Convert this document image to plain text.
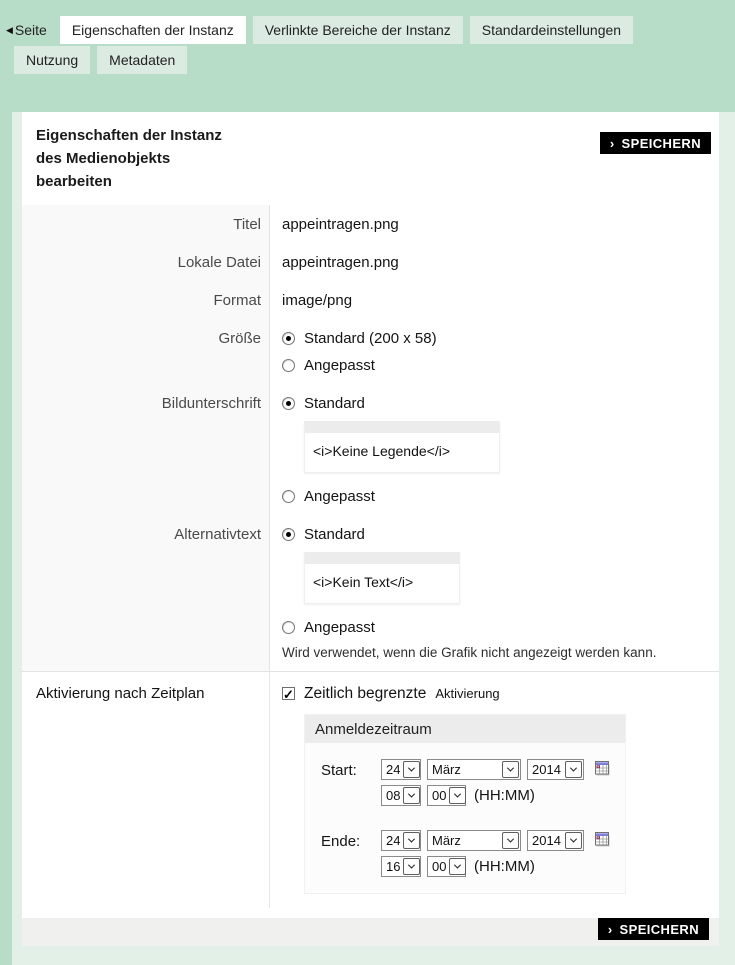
◀ Seite Eigenschaften der Instanz Verlinkte Bereiche der Instanz Standardeinstellungen
Nutzung Metadaten
Eigenschaften der Instanz des Medienobjekts bearbeiten
› SPEICHERN
Titel	appeintragen.png
Lokale Datei	appeintragen.png
Format	image/png
Größe	Standard (200 x 58)
Angepasst
Bildunterschrift	Standard
<i>Keine Legende</i>
Angepasst
Alternativtext	Standard
<i>Kein Text</i>
Angepasst
Wird verwendet, wenn die Grafik nicht angezeigt werden kann.
Aktivierung nach Zeitplan ✓	Zeitlich begrenzte Aktivierung
Anmeldezeitraum
Start:	24	März	2014
08	00 (HH:MM)
Ende:	24	März	2014
16	00 (HH:MM)
› SPEICHERN
